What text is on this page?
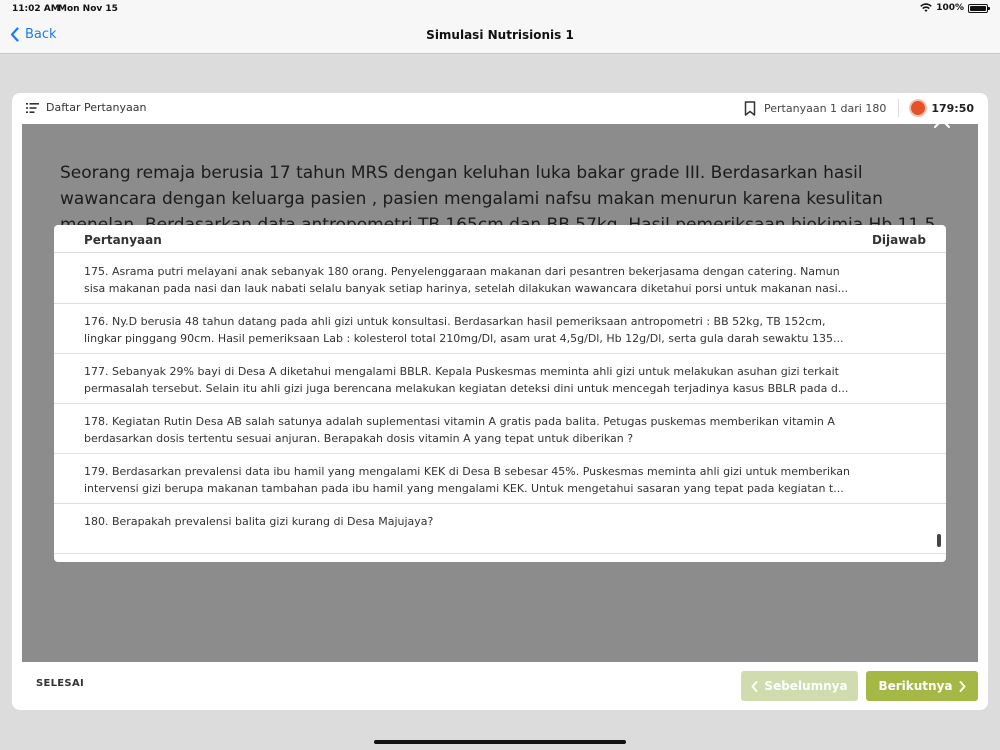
11:02 AM
Mon Nov 15	100%
Back	Simulasi Nutrisionis 1
Daftar Pertanyaan	Pertanyaan 1 dari 180	179:50
Seorang remaja berusia 17 tahun MRS dengan keluhan luka bakar grade III. Berdasarkan hasil wawancara dengan keluarga pasien , pasien mengalami nafsu makan menurun karena kesulitan
SELESAI	Sebelumnya	Berikutnya
Pertanyaan	Dijawab
175. Asrama putri melayani anak sebanyak 180 orang. Penyelenggaraan makanan dari pesantren bekerjasama dengan catering. Namun
sisa makanan pada nasi dan lauk nabati selalu banyak setiap harinya, setelah dilakukan wawancara diketahui porsi untuk makanan nasi...
176. Ny.D berusia 48 tahun datang pada ahli gizi untuk konsultasi. Berdasarkan hasil pemeriksaan antropometri : BB 52kg, TB 152cm,
lingkar pinggang 90cm. Hasil pemeriksaan Lab : kolesterol total 210mg/Dl, asam urat 4,5g/Dl, Hb 12g/Dl, serta gula darah sewaktu 135...
177. Sebanyak 29% bayi di Desa A diketahui mengalami BBLR. Kepala Puskesmas meminta ahli gizi untuk melakukan asuhan gizi terkait
permasalah tersebut. Selain itu ahli gizi juga berencana melakukan kegiatan deteksi dini untuk mencegah terjadinya kasus BBLR pada d...
178. Kegiatan Rutin Desa AB salah satunya adalah suplementasi vitamin A gratis pada balita. Petugas puskemas memberikan vitamin A
berdasarkan dosis tertentu sesuai anjuran. Berapakah dosis vitamin A yang tepat untuk diberikan ?
179. Berdasarkan prevalensi data ibu hamil yang mengalami KEK di Desa B sebesar 45%. Puskesmas meminta ahli gizi untuk memberikan
intervensi gizi berupa makanan tambahan pada ibu hamil yang mengalami KEK. Untuk mengetahui sasaran yang tepat pada kegiatan t...
180. Berapakah prevalensi balita gizi kurang di Desa Majujaya?
